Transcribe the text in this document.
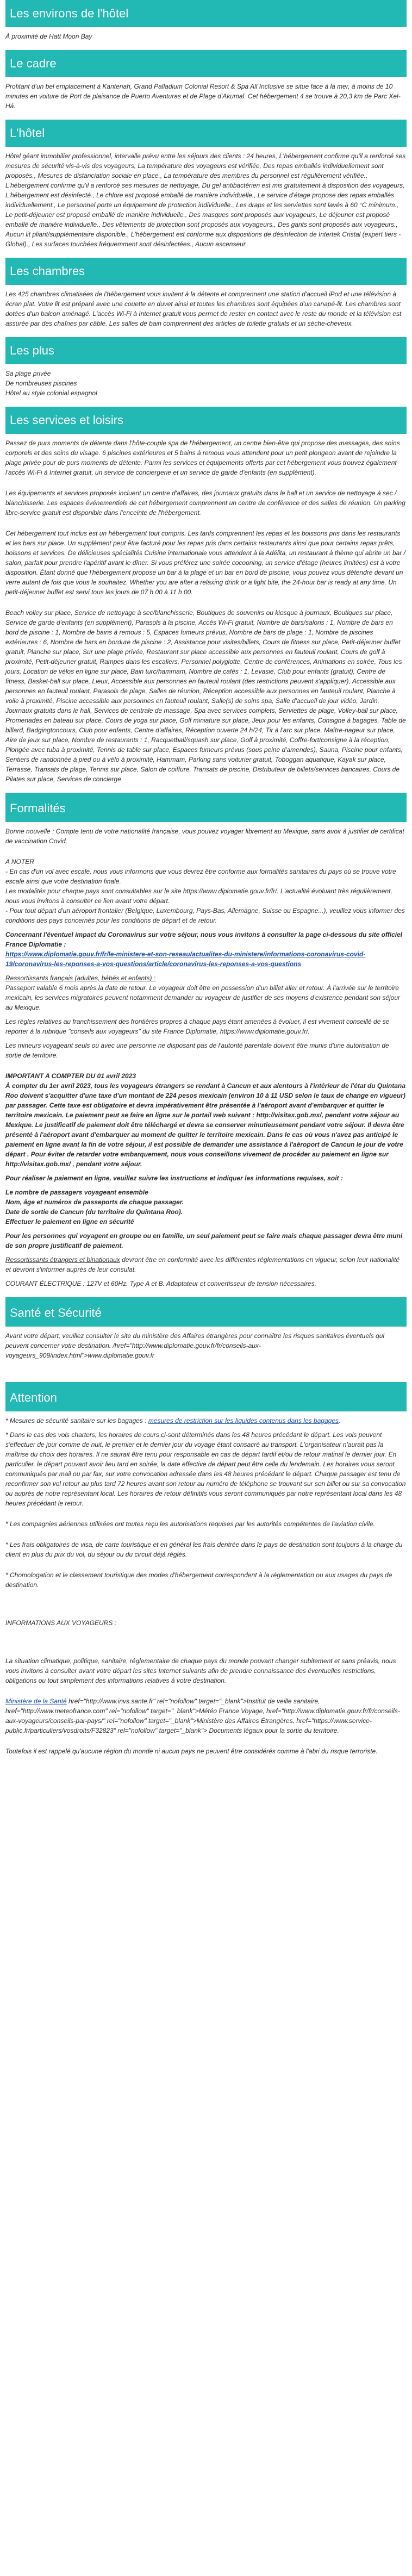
Les environs de l'hôtel

À proximité de Hatt Moon Bay

Le cadre

Profitant d'un bel emplacement à Kantenah, Grand Palladium Colonial Resort & Spa All Inclusive se situe face à la mer, à moins de 10 minutes en voiture de Port de plaisance de Puerto Aventuras et de Plage d'Akumal. Cet hébergement 4 se trouve à 20,3 km de Parc Xel-Há.

L'hôtel

Hôtel géant immobilier professionnel, intervalle prévu entre les séjours des clients : 24 heures, L'hébergement confirme qu'il a renforcé ses mesures de sécurité vis-à-vis des voyageurs, La température des voyageurs est vérifiée, Des repas emballés individuellement sont proposés., Mesures de distanciation sociale en place., La température des membres du personnel est régulièrement vérifiée., L'hébergement confirme qu'il a renforcé ses mesures de nettoyage, Du gel antibactérien est mis gratuitement à disposition des voyageurs, L'hébergement est désinfecté., Le chlore est proposé emballé de manière individuelle., Le service d'étage propose des repas emballés individuellement., Le personnel porte un équipement de protection individuelle., Les draps et les serviettes sont lavés à 60 °C minimum., Le petit-déjeuner est proposé emballé de manière individuelle., Des masques sont proposés aux voyageurs, Le déjeuner est proposé emballé de manière individuelle., Des vêtements de protection sont proposés aux voyageurs., Des gants sont proposés aux voyageurs., Aucun lit pliant/supplémentaire disponible., L'hébergement est conforme aux dispositions de désinfection de Intertek Cristal (expert tiers - Global)., Les surfaces touchées fréquemment sont désinfectées., Aucun ascenseur

Les chambres

Les 425 chambres climatisées de l'hébergement vous invitent à la détente et comprennent une station d'accueil iPod et une télévision à écran plat. Votre lit est préparé avec une couette en duvet ainsi et toutes les chambres sont équipées d'un canapé-lit. Les chambres sont dotées d'un balcon aménagé. L'accès Wi-Fi à Internet gratuit vous permet de rester en contact avec le reste du monde et la télévision est assurée par des chaînes par câble. Les salles de bain comprennent des articles de toilette gratuits et un sèche-cheveux.

Les plus

Sa plage privée

De nombreuses piscines

Hôtel au style colonial espagnol

Les services et loisirs

Passez de purs moments de détente dans l'hôte-couple spa de l'hébergement, un centre bien-être qui propose des massages, des soins corporels et des soins du visage. 6 piscines extérieures et 5 bains à remous vous attendent pour un petit plongeon avant de rejoindre la plage privée pour de purs moments de détente. Parmi les services et équipements offerts par cet hébergement vous trouvez également l'accès Wi-Fi à Internet gratuit, un service de conciergerie et un service de garde d'enfants (en supplément).

Les équipements et services proposés incluent un centre d'affaires, des journaux gratuits dans le hall et un service de nettoyage à sec / blanchisserie. Les espaces événementiels de cet hébergement comprennent un centre de conférence et des salles de réunion. Un parking libre-service gratuit est disponible dans l'enceinte de l'hébergement.

Cet hébergement tout inclus est un hébergement tout compris. Les tarifs comprennent les repas et les boissons pris dans les restaurants et les bars sur place. Un supplément peut être facturé pour les repas pris dans certains restaurants ainsi que pour certains repas prêts, boissons et services. De délicieuses spécialités Cuisine internationale vous attendent à la Adélita, un restaurant à thème qui abrite un bar / salon, parfait pour prendre l'apéritif avant le dîner. Si vous préférez une soirée cocooning, un service d'étage (heures limitées) est à votre disposition. Étant donné que l'hébergement propose un bar à la plage et un bar en bord de piscine, vous pouvez vous détendre devant un verre autant de fois que vous le souhaitez. Whether you are after a relaxing drink or a light bite, the 24-hour bar is ready at any time. Un petit-déjeuner buffet est servi tous les jours de 07 h 00 à 11 h 00.

Beach volley sur place, Service de nettoyage à sec/blanchisserie, Boutiques de souvenirs ou kiosque à journaux, Boutiques sur place, Service de garde d'enfants (en supplément), Parasols à la piscine, Accès Wi-Fi gratuit, Nombre de bars/salons : 1, Nombre de bars en bord de piscine : 1, Nombre de bains à remous : 5, Espaces fumeurs prévus, Nombre de bars de plage : 1, Nombre de piscines extérieures : 6, Nombre de bars en bordure de piscine : 2, Assistance pour visites/billets, Cours de fitness sur place, Petit-déjeuner buffet gratuit, Planche sur place, Sur une plage privée, Restaurant sur place accessible aux personnes en fauteuil roulant, Cours de golf à proximité, Petit-déjeuner gratuit, Rampes dans les escaliers, Personnel polyglotte, Centre de conférences, Animations en soirée, Tous les jours, Location de vélos en ligne sur place, Bain turc/hammam, Nombre de cafés : 1, Levasie, Club pour enfants (gratuit), Centre de fitness, Basket-ball sur place, Lieux, Accessible aux personnes en fauteuil roulant (des restrictions peuvent s'appliquer), Accessible aux personnes en fauteuil roulant, Parasols de plage, Salles de réunion, Réception accessible aux personnes en fauteuil roulant, Planche à voile à proximité, Piscine accessible aux personnes en fauteuil roulant, Salle(s) de soins spa, Salle d'accueil de jour vidéo, Jardin, Journaux gratuits dans le hall, Services de centrale de massage, Spa avec services complets, Serviettes de plage, Volley-ball sur place, Promenades en bateau sur place, Cours de yoga sur place, Golf miniature sur place, Jeux pour les enfants, Consigne à bagages, Table de billard, Badgingtoncours, Club pour enfants, Centre d'affaires, Réception ouverte 24 h/24, Tir à l'arc sur place, Maître-nageur sur place, Aire de jeux sur place, Nombre de restaurants : 1, Racquetball/squash sur place, Golf à proximité, Coffre-fort/consigne à la réception, Plongée avec tuba à proximité, Tennis de table sur place, Espaces fumeurs prévus (sous peine d'amendes), Sauna, Piscine pour enfants, Sentiers de randonnée à pied ou à vélo à proximité, Hammam, Parking sans voiturier gratuit, Toboggan aquatique, Kayak sur place, Terrasse, Transats de plage, Tennis sur place, Salon de coiffure, Transats de piscine, Distributeur de billets/services bancaires, Cours de Pilates sur place, Services de concierge

Formalités

Bonne nouvelle : Compte tenu de votre nationalité française, vous pouvez voyager librement au Mexique, sans avoir à justifier de certificat de vaccination Covid.

A NOTER

- En cas d'un vol avec escale, nous vous informons que vous devrez être conforme aux formalités sanitaires du pays où se trouve votre escale ainsi que votre destination finale.

Les modalités pour chaque pays sont consultables sur le site https://www.diplomatie.gouv.fr/fr/. L'actualité évoluant très régulièrement, nous vous invitons à consulter ce lien avant votre départ.

- Pour tout départ d'un aéroport frontalier (Belgique, Luxembourg, Pays-Bas, Allemagne, Suisse ou Espagne...), veuillez vous informer des conditions des pays concernés pour les conditions de départ et de retour.

Concernant l'éventuel impact du Coronavirus sur votre séjour, nous vous invitons à consulter la page ci-dessous du site officiel France Diplomatie :

https://www.diplomatie.gouv.fr/fr/le-ministere-et-son-reseau/actualites-du-ministere/informations-coronavirus-covid-19/coronavirus-les-reponses-a-vos-questions/article/coronavirus-les-reponses-a-vos-questions

Ressortissants français (adultes, bébés et enfants) :

Passeport valable 6 mois après la date de retour. Le voyageur doit être en possession d'un billet aller et retour. À l'arrivée sur le territoire mexicain, les services migratoires peuvent notamment demander au voyageur de justifier de ses moyens d'existence pendant son séjour au Mexique.

Les règles relatives au franchissement des frontières propres à chaque pays étant amenées à évoluer, il est vivement conseillé de se reporter à la rubrique "conseils aux voyageurs" du site France Diplomatie, https://www.diplomatie.gouv.fr/.

Les mineurs voyageant seuls ou avec une personne ne disposant pas de l'autorité parentale doivent être munis d'une autorisation de sortie de territoire.

IMPORTANT A COMPTER DU 01 avril 2023

À compter du 1er avril 2023, tous les voyageurs étrangers se rendant à Cancun et aux alentours à l'intérieur de l'état du Quintana Roo doivent s'acquitter d'une taxe d'un montant de 224 pesos mexicain (environ 10 à 11 USD selon le taux de change en vigueur) par passager. Cette taxe est obligatoire et devra impérativement être présentée à l'aéroport avant d'embarquer et quitter le territoire mexicain. Le paiement peut se faire en ligne sur le portail web suivant : http://visitax.gob.mx/, pendant votre séjour au Mexique. Le justificatif de paiement doit être téléchargé et devra se conserver minutieusement pendant votre séjour. Il devra être présenté à l'aéroport avant d'embarquer au moment de quitter le territoire mexicain. Dans le cas où vous n'avez pas anticipé le paiement en ligne avant la fin de votre séjour, il est possible de demander une assistance à l'aéroport de Cancun le jour de votre départ . Pour éviter de retarder votre embarquement, nous vous conseillons vivement de procéder au paiement en ligne sur http://visitax.gob.mx/ , pendant votre séjour.

Pour réaliser le paiement en ligne, veuillez suivre les instructions et indiquer les informations requises, soit :

Le nombre de passagers voyageant ensemble
Nom, âge et numéros de passeports de chaque passager.
Date de sortie de Cancun (du territoire du Quintana Roo).
Effectuer le paiement en ligne en sécurité

Pour les personnes qui voyagent en groupe ou en famille, un seul paiement peut se faire mais chaque passager devra être muni de son propre justificatif de paiement.

Ressortissants étrangers et binationaux devront être en conformité avec les différentes réglementations en vigueur, selon leur nationalité et devront s'informer auprès de leur consulat.

COURANT ÉLECTRIQUE : 127V et 60Hz. Type A et B. Adaptateur et convertisseur de tension nécessaires.

Santé et Sécurité

Avant votre départ, veuillez consulter le site du ministère des Affaires étrangères pour connaître les risques sanitaires éventuels qui peuvent concerner votre destination. /href="http://www.diplomatie.gouv.fr/fr/conseils-aux-voyageurs_909/index.html">www.diplomatie.gouv.fr

Attention

* Mesures de sécurité sanitaire sur les bagages : mesures de restriction sur les liquides contenus dans les bagages.

* Dans le cas des vols charters, les horaires de cours ci-sont déterminés dans les 48 heures précédant le départ. Les vols peuvent s'effectuer de jour comme de nuit, le premier et le dernier jour du voyage étant consacré au transport. L'organisateur n'aurait pas la maîtrise du choix des horaires. Il ne saurait être tenu pour responsable en cas de départ tardif et/ou de retour matinal le dernier jour. En particulier, le départ pouvant avoir lieu tard en soirée, la date effective de départ peut être celle du lendemain. Les horaires vous seront communiqués par mail ou par fax, sur votre convocation adressée dans les 48 heures précédant le départ. Chaque passager est tenu de reconfirmer son vol retour au plus tard 72 heures avant son retour au numéro de téléphone se trouvant sur son billet ou sur sa convocation ou auprès de notre représentant local. Les horaires de retour définitifs vous seront communiqués par notre représentant local dans les 48 heures précédant le retour.

* Les compagnies aériennes utilisées ont toutes reçu les autorisations requises par les autorités compétentes de l'aviation civile.

* Les frais obligatoires de visa, de carte touristique et en général les frais dentrée dans le pays de destination sont toujours à la charge du client en plus du prix du vol, du séjour ou du circuit déjà réglés.

* Chomologation et le classement touristique des modes d'hébergement correspondent à la réglementation ou aux usages du pays de destination.

INFORMATIONS AUX VOYAGEURS :

La situation climatique, politique, sanitaire, réglementaire de chaque pays du monde pouvant changer subitement et sans préavis, nous vous invitons à consulter avant votre départ les sites Internet suivants afin de prendre connaissance des éventuelles restrictions, obligations ou tout simplement des informations relatives à votre destination.

Ministère de la Santé href="http://www.invs.sante.fr" rel="nofollow" target="_blank">Institut de veille sanitaire, href="http://www.meteofrance.com" rel="nofollow" target="_blank">Météo France Voyage, href="http://www.diplomatie.gouv.fr/fr/conseils-aux-voyageurs/conseils-par-pays/" rel="nofollow" target="_blank">Ministère des Affaires Étrangères, href="https://www.service-public.fr/particuliers/vosdroits/F32823" rel="nofollow" target="_blank"> Documents légaux pour la sortie du territoire.

Toutefois il est rappelé qu'aucune région du monde ni aucun pays ne peuvent être considérés comme à l'abri du risque terroriste.
